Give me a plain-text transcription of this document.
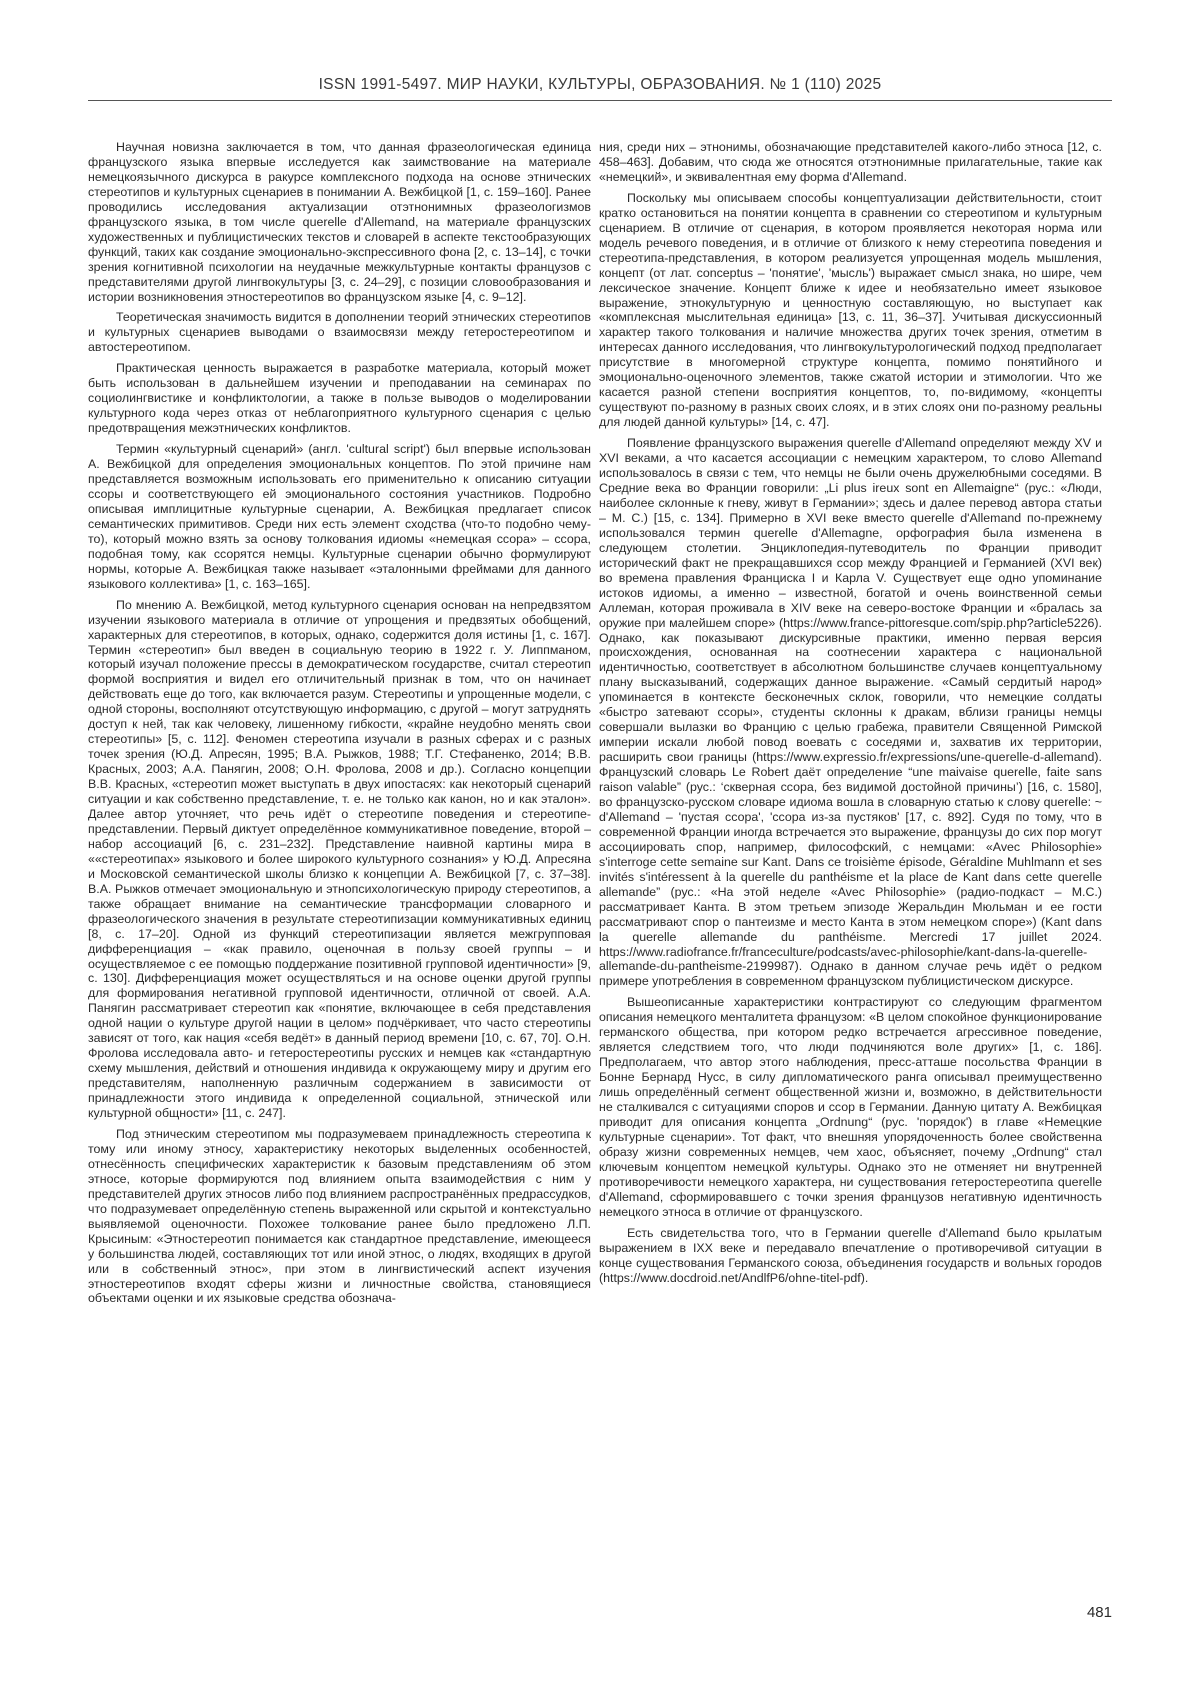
ISSN 1991-5497. МИР НАУКИ, КУЛЬТУРЫ, ОБРАЗОВАНИЯ. № 1 (110) 2025

Научная новизна заключается в том, что данная фразеологическая единица французского языка впервые исследуется как заимствование на материале немецкоязычного дискурса в ракурсе комплексного подхода на основе этнических стереотипов и культурных сценариев в понимании А. Вежбицкой [1, с. 159–160]. Ранее проводились исследования актуализации отэтнонимных фразеологизмов французского языка, в том числе querelle d'Allemand, на материале французских художественных и публицистических текстов и словарей в аспекте текстообразующих функций, таких как создание эмоционально-экспрессивного фона [2, с. 13–14], с точки зрения когнитивной психологии на неудачные межкультурные контакты французов с представителями другой лингвокультуры [3, с. 24–29], с позиции словообразования и истории возникновения этностереотипов во французском языке [4, с. 9–12].

Теоретическая значимость видится в дополнении теорий этнических стереотипов и культурных сценариев выводами о взаимосвязи между гетеростереотипом и автостереотипом.

Практическая ценность выражается в разработке материала, который может быть использован в дальнейшем изучении и преподавании на семинарах по социолингвистике и конфликтологии, а также в пользе выводов о моделировании культурного кода через отказ от неблагоприятного культурного сценария с целью предотвращения межэтнических конфликтов.

Термин «культурный сценарий» (англ. 'cultural script') был впервые использован А. Вежбицкой для определения эмоциональных концептов. По этой причине нам представляется возможным использовать его применительно к описанию ситуации ссоры и соответствующего ей эмоционального состояния участников. Подробно описывая имплицитные культурные сценарии, А. Вежбицкая предлагает список семантических примитивов. Среди них есть элемент сходства (что-то подобно чему-то), который можно взять за основу толкования идиомы «немецкая ссора» – ссора, подобная тому, как ссорятся немцы. Культурные сценарии обычно формулируют нормы, которые А. Вежбицкая также называет «эталонными фреймами для данного языкового коллектива» [1, с. 163–165].

По мнению А. Вежбицкой, метод культурного сценария основан на непредвзятом изучении языкового материала в отличие от упрощения и предвзятых обобщений, характерных для стереотипов, в которых, однако, содержится доля истины [1, с. 167]. Термин «стереотип» был введен в социальную теорию в 1922 г. У. Липпманом, который изучал положение прессы в демократическом государстве, считал стереотип формой восприятия и видел его отличительный признак в том, что он начинает действовать еще до того, как включается разум. Стереотипы и упрощенные модели, с одной стороны, восполняют отсутствующую информацию, с другой – могут затруднять доступ к ней, так как человеку, лишенному гибкости, «крайне неудобно менять свои стереотипы» [5, с. 112]. Феномен стереотипа изучали в разных сферах и с разных точек зрения (Ю.Д. Апресян, 1995; В.А. Рыжков, 1988; Т.Г. Стефаненко, 2014; В.В. Красных, 2003; А.А. Панягин, 2008; О.Н. Фролова, 2008 и др.). Согласно концепции В.В. Красных, «стереотип может выступать в двух ипостасях: как некоторый сценарий ситуации и как собственно представление, т. е. не только как канон, но и как эталон». Далее автор уточняет, что речь идёт о стереотипе поведения и стереотипе-представлении. Первый диктует определённое коммуникативное поведение, второй – набор ассоциаций [6, с. 231–232]. Представление наивной картины мира в ««стереотипах» языкового и более широкого культурного сознания» у Ю.Д. Апресяна и Московской семантической школы близко к концепции А. Вежбицкой [7, с. 37–38]. В.А. Рыжков отмечает эмоциональную и этнопсихологическую природу стереотипов, а также обращает внимание на семантические трансформации словарного и фразеологического значения в результате стереотипизации коммуникативных единиц [8, с. 17–20]. Одной из функций стереотипизации является межгрупповая дифференциация – «как правило, оценочная в пользу своей группы – и осуществляемое с ее помощью поддержание позитивной групповой идентичности» [9, с. 130]. Дифференциация может осуществляться и на основе оценки другой группы для формирования негативной групповой идентичности, отличной от своей. А.А. Панягин рассматривает стереотип как «понятие, включающее в себя представления одной нации о культуре другой нации в целом» подчёркивает, что часто стереотипы зависят от того, как нация «себя ведёт» в данный период времени [10, с. 67, 70]. О.Н. Фролова исследовала авто- и гетеростереотипы русских и немцев как «стандартную схему мышления, действий и отношения индивида к окружающему миру и другим его представителям, наполненную различным содержанием в зависимости от принадлежности этого индивида к определенной социальной, этнической или культурной общности» [11, с. 247].

Под этническим стереотипом мы подразумеваем принадлежность стереотипа к тому или иному этносу, характеристику некоторых выделенных особенностей, отнесённость специфических характеристик к базовым представлениям об этом этносе, которые формируются под влиянием опыта взаимодействия с ним у представителей других этносов либо под влиянием распространённых предрассудков, что подразумевает определённую степень выраженной или скрытой и контекстуально выявляемой оценочности. Похожее толкование ранее было предложено Л.П. Крысиным: «Этностереотип понимается как стандартное представление, имеющееся у большинства людей, составляющих тот или иной этнос, о людях, входящих в другой или в собственный этнос», при этом в лингвистический аспект изучения этностереотипов входят сферы жизни и личностные свойства, становящиеся объектами оценки и их языковые средства обознача-

ния, среди них – этнонимы, обозначающие представителей какого-либо этноса [12, с. 458–463]. Добавим, что сюда же относятся отэтнонимные прилагательные, такие как «немецкий», и эквивалентная ему форма d'Allemand.

Поскольку мы описываем способы концептуализации действительности, стоит кратко остановиться на понятии концепта в сравнении со стереотипом и культурным сценарием. В отличие от сценария, в котором проявляется некоторая норма или модель речевого поведения, и в отличие от близкого к нему стереотипа поведения и стереотипа-представления, в котором реализуется упрощенная модель мышления, концепт (от лат. conceptus – 'понятие', 'мысль') выражает смысл знака, но шире, чем лексическое значение. Концепт ближе к идее и необязательно имеет языковое выражение, этнокультурную и ценностную составляющую, но выступает как «комплексная мыслительная единица» [13, с. 11, 36–37]. Учитывая дискуссионный характер такого толкования и наличие множества других точек зрения, отметим в интересах данного исследования, что лингвокультурологический подход предполагает присутствие в многомерной структуре концепта, помимо понятийного и эмоционально-оценочного элементов, также сжатой истории и этимологии. Что же касается разной степени восприятия концептов, то, по-видимому, «концепты существуют по-разному в разных своих слоях, и в этих слоях они по-разному реальны для людей данной культуры» [14, с. 47].

Появление французского выражения querelle d'Allemand определяют между XV и XVI веками, а что касается ассоциации с немецким характером, то слово Allemand использовалось в связи с тем, что немцы не были очень дружелюбными соседями. В Средние века во Франции говорили: „Li plus ireux sont en Allemaigne“ (рус.: «Люди, наиболее склонные к гневу, живут в Германии»; здесь и далее перевод автора статьи – М. С.) [15, с. 134]. Примерно в XVI веке вместо querelle d'Allemand по-прежнему использовался термин querelle d'Allemagne, орфография была изменена в следующем столетии. Энциклопедия-путеводитель по Франции приводит исторический факт не прекращавшихся ссор между Францией и Германией (XVI век) во времена правления Франциска I и Карла V. Существует еще одно упоминание истоков идиомы, а именно – известной, богатой и очень воинственной семьи Аллеман, которая проживала в XIV веке на северо-востоке Франции и «бралась за оружие при малейшем споре» (https://www.france-pittoresque.com/spip.php?article5226). Однако, как показывают дискурсивные практики, именно первая версия происхождения, основанная на соотнесении характера с национальной идентичностью, соответствует в абсолютном большинстве случаев концептуальному плану высказываний, содержащих данное выражение. «Самый сердитый народ» упоминается в контексте бесконечных склок, говорили, что немецкие солдаты «быстро затевают ссоры», студенты склонны к дракам, вблизи границы немцы совершали вылазки во Францию с целью грабежа, правители Священной Римской империи искали любой повод воевать с соседями и, захватив их территории, расширить свои границы (https://www.expressio.fr/expressions/une-querelle-d-allemand). Французский словарь Le Robert даёт определение “une maivaise querelle, faite sans raison valable” (рус.: ‘скверная ссора, без видимой достойной причины’) [16, с. 1580], во французско-русском словаре идиома вошла в словарную статью к слову querelle: ~ d'Allemand – 'пустая ссора', 'ссора из-за пустяков' [17, с. 892]. Судя по тому, что в современной Франции иногда встречается это выражение, французы до сих пор могут ассоциировать спор, например, философский, с немцами: «Avec Philosophie» s'interroge cette semaine sur Kant. Dans ce troisième épisode, Géraldine Muhlmann et ses invités s'intéressent à la querelle du panthéisme et la place de Kant dans cette querelle allemande” (рус.: «На этой неделе «Avec Philosophie» (радио-подкаст – М.С.) рассматривает Канта. В этом третьем эпизоде Жеральдин Мюльман и ее гости рассматривают спор о пантеизме и место Канта в этом немецком споре») (Kant dans la querelle allemande du panthéisme. Mercredi 17 juillet 2024. https://www.radiofrance.fr/franceculture/podcasts/avec-philosophie/kant-dans-la-querelle-allemande-du-pantheisme-2199987). Однако в данном случае речь идёт о редком примере употребления в современном французском публицистическом дискурсе.

Вышеописанные характеристики контрастируют со следующим фрагментом описания немецкого менталитета французом: «В целом спокойное функционирование германского общества, при котором редко встречается агрессивное поведение, является следствием того, что люди подчиняются воле других» [1, с. 186]. Предполагаем, что автор этого наблюдения, пресс-атташе посольства Франции в Бонне Бернард Нусс, в силу дипломатического ранга описывал преимущественно лишь определённый сегмент общественной жизни и, возможно, в действительности не сталкивался с ситуациями споров и ссор в Германии. Данную цитату А. Вежбицкая приводит для описания концепта „Ordnung“ (рус. 'порядок') в главе «Немецкие культурные сценарии». Тот факт, что внешняя упорядоченность более свойственна образу жизни современных немцев, чем хаос, объясняет, почему „Ordnung“ стал ключевым концептом немецкой культуры. Однако это не отменяет ни внутренней противоречивости немецкого характера, ни существования гетеростереотипа querelle d'Allemand, сформировавшего с точки зрения французов негативную идентичность немецкого этноса в отличие от французского.

Есть свидетельства того, что в Германии querelle d'Allemand было крылатым выражением в IXX веке и передавало впечатление о противоречивой ситуации в конце существования Германского союза, объединения государств и вольных городов (https://www.docdroid.net/AndlfP6/ohne-titel-pdf).

481
